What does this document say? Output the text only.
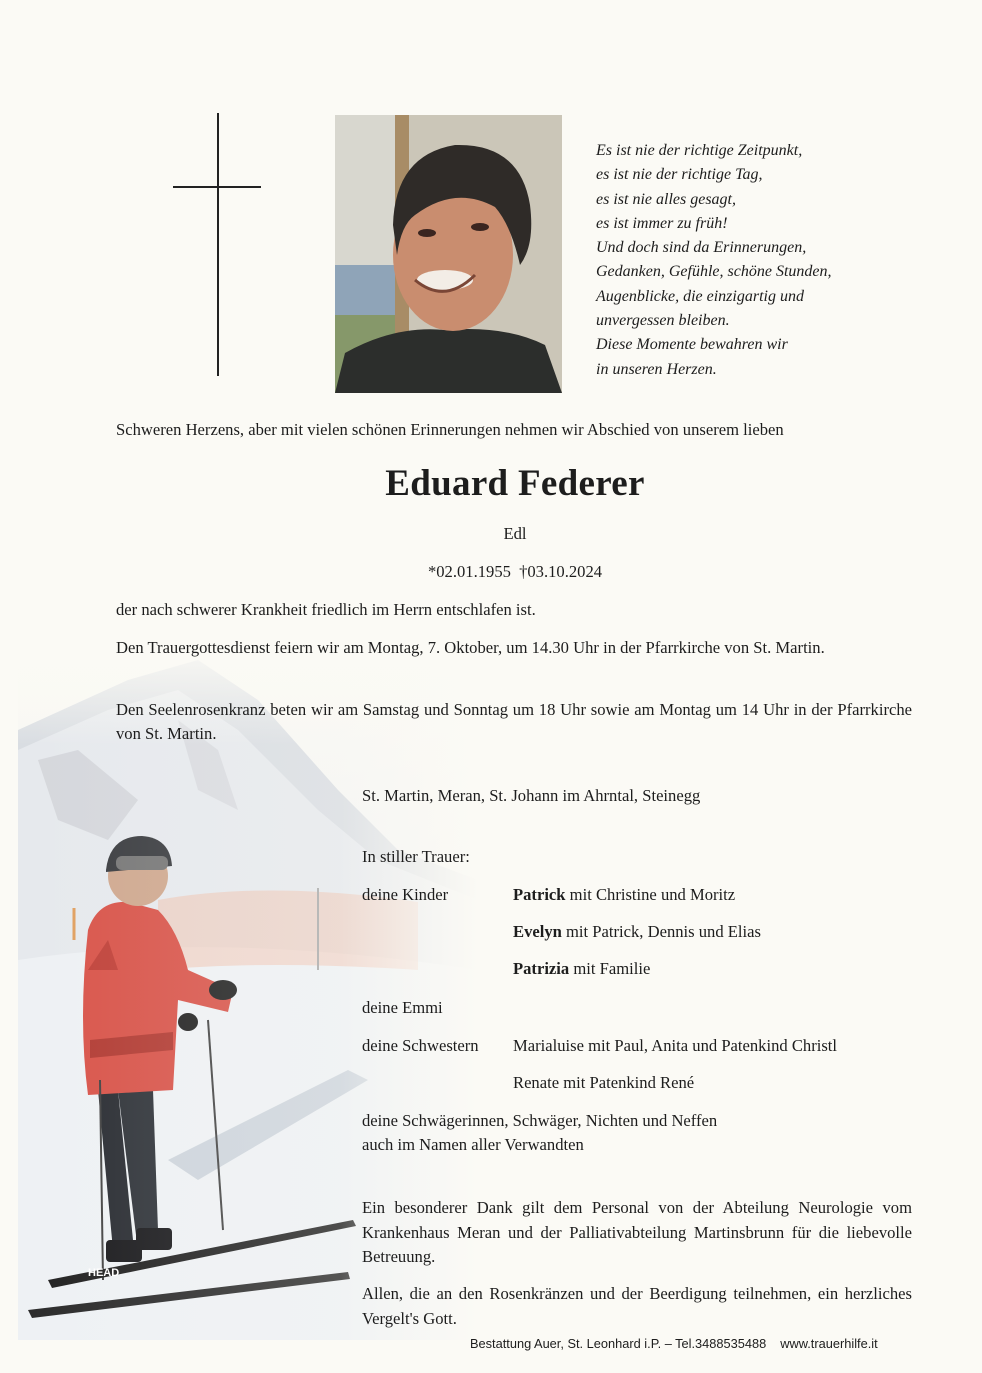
Es ist nie der richtige Zeitpunkt,
es ist nie der richtige Tag,
es ist nie alles gesagt,
es ist immer zu früh!
Und doch sind da Erinnerungen,
Gedanken, Gefühle, schöne Stunden,
Augenblicke, die einzigartig und
unvergessen bleiben.
Diese Momente bewahren wir
in unseren Herzen.
Schweren Herzens, aber mit vielen schönen Erinnerungen nehmen wir Abschied von unserem lieben
Eduard Federer
Edl
*02.01.1955 †03.10.2024
der nach schwerer Krankheit friedlich im Herrn entschlafen ist.
Den Trauergottesdienst feiern wir am Montag, 7. Oktober, um 14.30 Uhr in der Pfarrkirche von St. Martin.
Den Seelenrosenkranz beten wir am Samstag und Sonntag um 18 Uhr sowie am Montag um 14 Uhr in der Pfarrkirche von St. Martin.
St. Martin, Meran, St. Johann im Ahrntal, Steinegg
In stiller Trauer:
deine Kinder	Patrick mit Christine und Moritz
Evelyn mit Patrick, Dennis und Elias
Patrizia mit Familie
deine Emmi
deine Schwestern Marialuise mit Paul, Anita und Patenkind Christl
Renate mit Patenkind René
deine Schwägerinnen, Schwäger, Nichten und Neffen
auch im Namen aller Verwandten
Ein besonderer Dank gilt dem Personal von der Abteilung Neurologie vom Krankenhaus Meran und der Palliativabteilung Martinsbrunn für die liebevolle Betreuung.
Allen, die an den Rosenkränzen und der Beerdigung teilnehmen, ein herzliches Vergelt's Gott.
Bestattung Auer, St. Leonhard i.P. – Tel.3488535488 www.trauerhilfe.it
